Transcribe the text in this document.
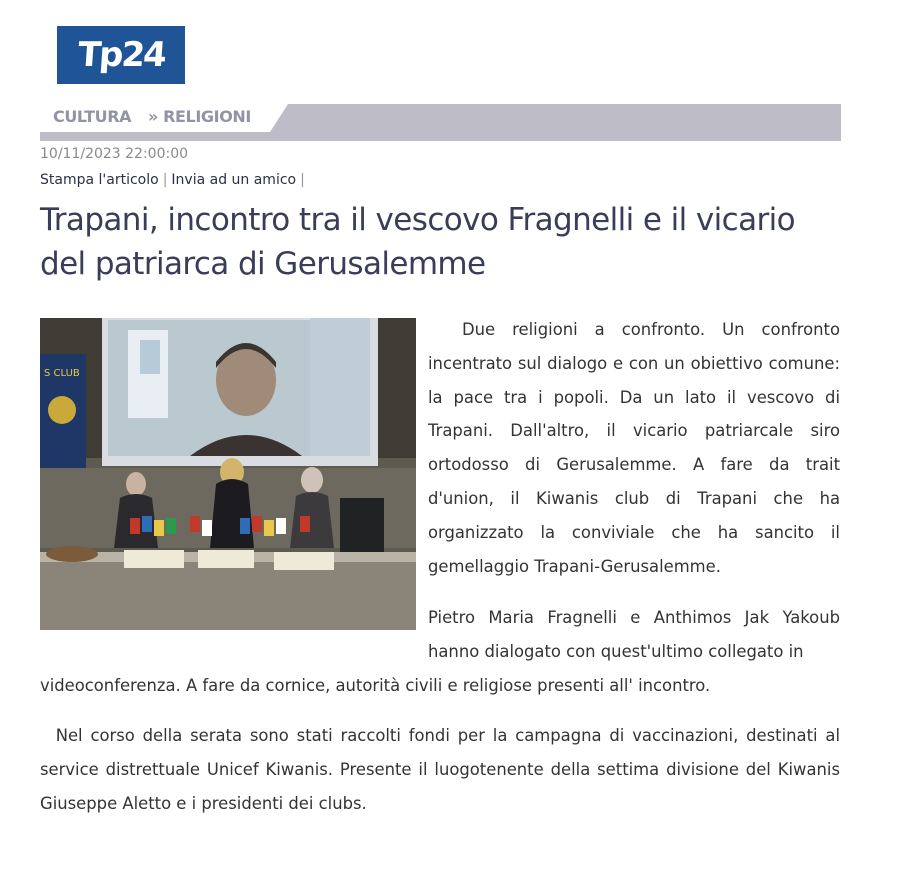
Tp24
CULTURA » RELIGIONI
10/11/2023 22:00:00
Stampa l'articolo | Invia ad un amico |
Trapani, incontro tra il vescovo Fragnelli e il vicario del patriarca di Gerusalemme
S CLUB

Due religioni a confronto. Un confronto incentrato sul dialogo e con un obiettivo comune: la pace tra i popoli. Da un lato il vescovo di Trapani. Dall'altro, il vicario patriarcale siro ortodosso di Gerusalemme. A fare da trait d'union, il Kiwanis club di Trapani che ha organizzato la conviviale che ha sancito il gemellaggio Trapani-Gerusalemme.

Pietro Maria Fragnelli e Anthimos Jak Yakoub hanno dialogato con quest'ultimo collegato in

videoconferenza. A fare da cornice, autorità civili e religiose presenti all' incontro.

Nel corso della serata sono stati raccolti fondi per la campagna di vaccinazioni, destinati al service distrettuale Unicef Kiwanis. Presente il luogotenente della settima divisione del Kiwanis Giuseppe Aletto e i presidenti dei clubs.
